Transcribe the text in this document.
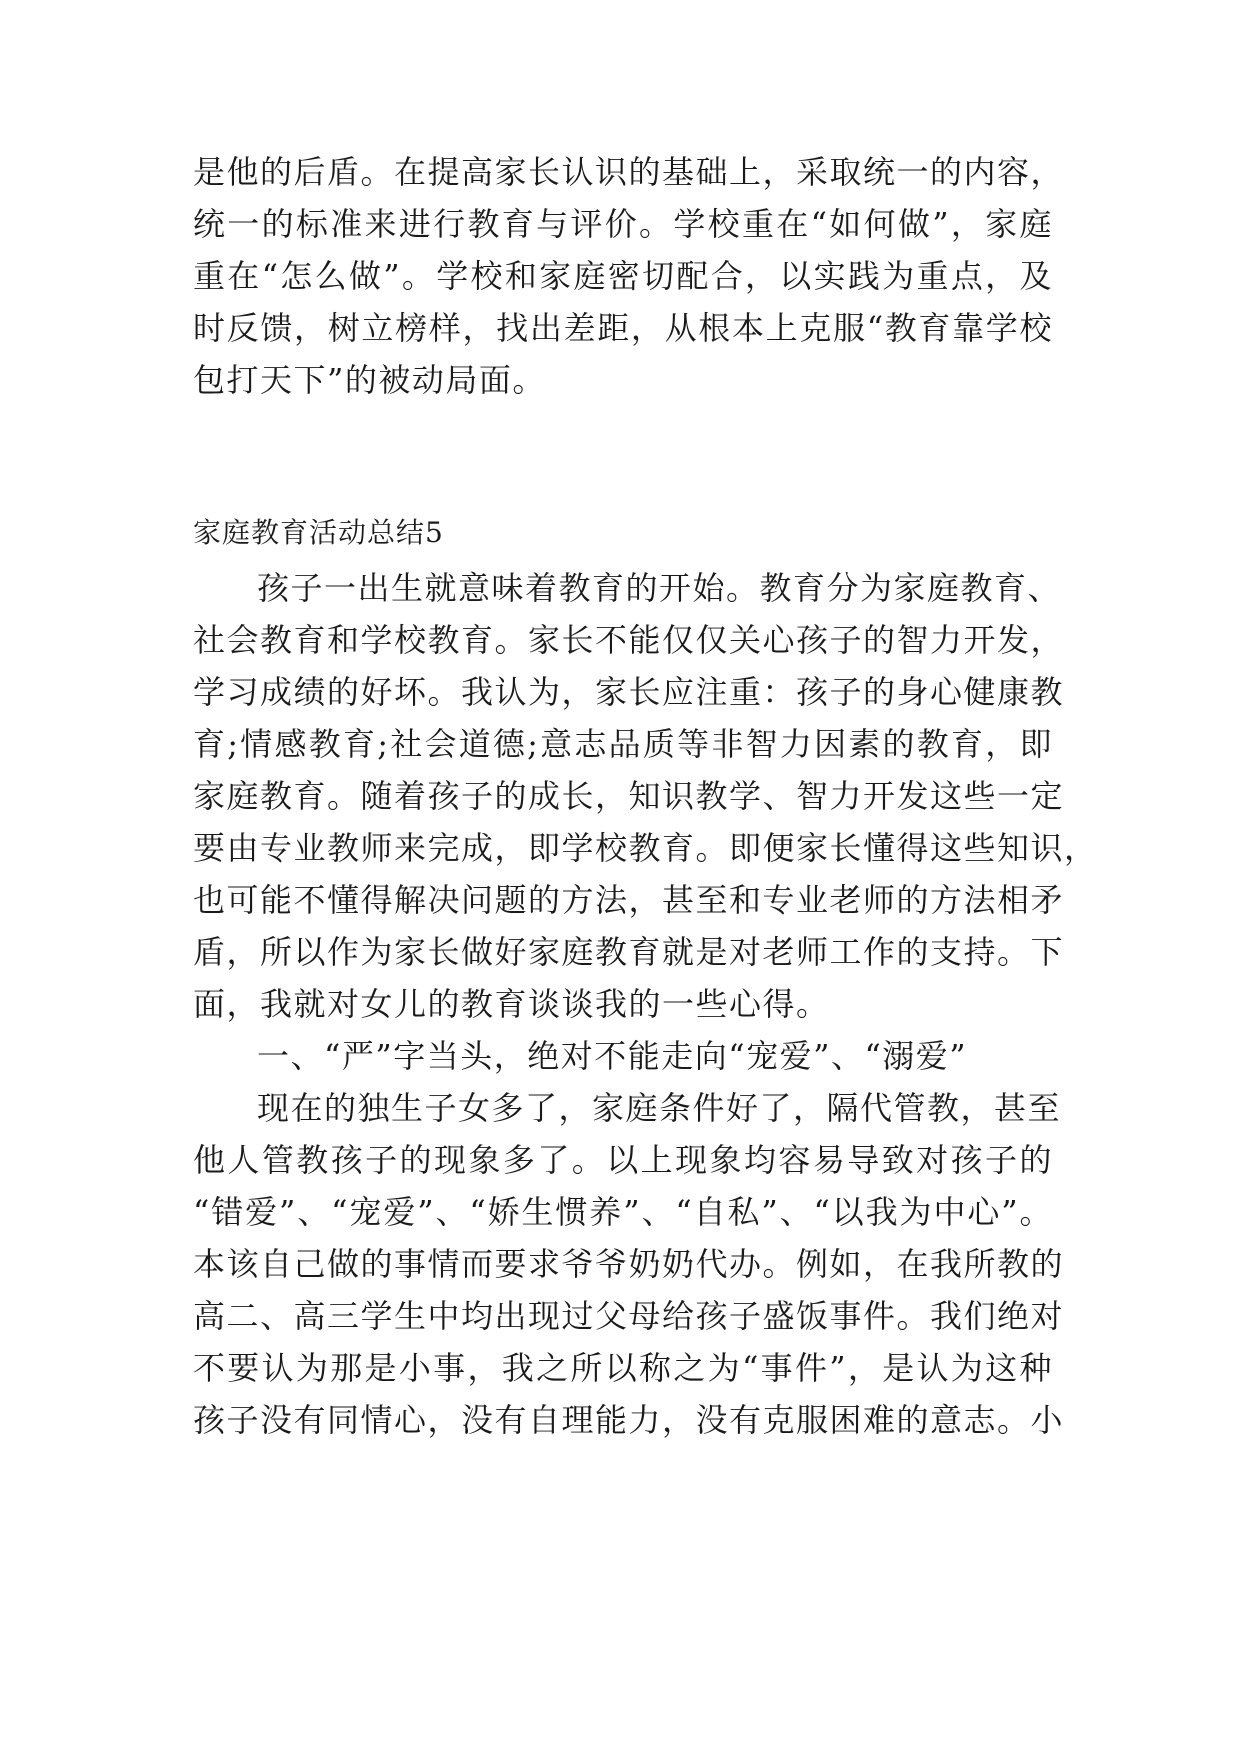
是他的后盾。在提高家长认识的基础上，采取统一的内容，
统一的标准来进行教育与评价。学校重在“如何做”，家庭
重在“怎么做”。学校和家庭密切配合，以实践为重点，及
时反馈，树立榜样，找出差距，从根本上克服“教育靠学校
包打天下”的被动局面。
家庭教育活动总结5
孩子一出生就意味着教育的开始。教育分为家庭教育、
社会教育和学校教育。家长不能仅仅关心孩子的智力开发，
学习成绩的好坏。我认为，家长应注重：孩子的身心健康教
育;情感教育;社会道德;意志品质等非智力因素的教育，即
家庭教育。随着孩子的成长，知识教学、智力开发这些一定
要由专业教师来完成，即学校教育。即便家长懂得这些知识，
也可能不懂得解决问题的方法，甚至和专业老师的方法相矛
盾，所以作为家长做好家庭教育就是对老师工作的支持。下
面，我就对女儿的教育谈谈我的一些心得。
一、“严”字当头，绝对不能走向“宠爱”、“溺爱”
现在的独生子女多了，家庭条件好了，隔代管教，甚至
他人管教孩子的现象多了。以上现象均容易导致对孩子的
“错爱”、“宠爱”、“娇生惯养”、“自私”、“以我为中心”。
本该自己做的事情而要求爷爷奶奶代办。例如，在我所教的
高二、高三学生中均出现过父母给孩子盛饭事件。我们绝对
不要认为那是小事，我之所以称之为“事件”，是认为这种
孩子没有同情心，没有自理能力，没有克服困难的意志。小
